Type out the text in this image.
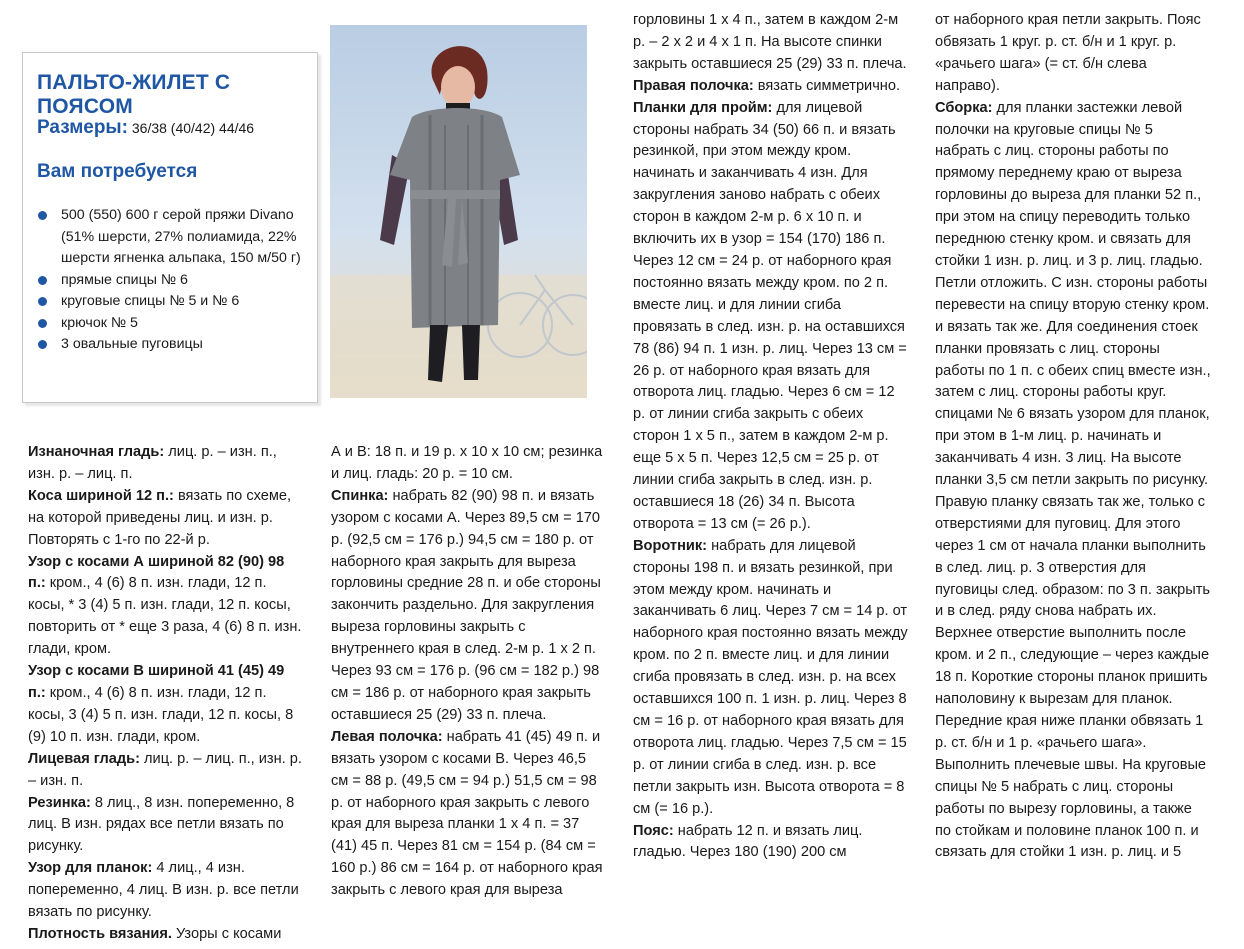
ПАЛЬТО-ЖИЛЕТ С ПОЯСОМ
Размеры: 36/38 (40/42) 44/46
Вам потребуется
500 (550) 600 г серой пряжи Divano (51% шерсти, 27% полиамида, 22% шерсти ягненка альпака, 150 м/50 г)
прямые спицы № 6
круговые спицы № 5 и № 6
крючок № 5
3 овальные пуговицы

Изнаночная гладь: лиц. р. – изн. п., изн. р. – лиц. п.

Коса шириной 12 п.: вязать по схеме, на которой приведены лиц. и изн. р. Повторять с 1-го по 22-й р.

Узор с косами А шириной 82 (90) 98 п.: кром., 4 (6) 8 п. изн. глади, 12 п. косы, * 3 (4) 5 п. изн. глади, 12 п. косы, повторить от * еще 3 раза, 4 (6) 8 п. изн. глади, кром.

Узор с косами В шириной 41 (45) 49 п.: кром., 4 (6) 8 п. изн. глади, 12 п. косы, 3 (4) 5 п. изн. глади, 12 п. косы, 8 (9) 10 п. изн. глади, кром.

Лицевая гладь: лиц. р. – лиц. п., изн. р. – изн. п.

Резинка: 8 лиц., 8 изн. попеременно, 8 лиц. В изн. рядах все петли вязать по рисунку.

Узор для планок: 4 лиц., 4 изн. попеременно, 4 лиц. В изн. р. все петли вязать по рисунку.

Плотность вязания. Узоры с косами

А и В: 18 п. и 19 р. х 10 х 10 см; резинка и лиц. гладь: 20 р. = 10 см.

Спинка: набрать 82 (90) 98 п. и вязать узором с косами А. Через 89,5 см = 170 р. (92,5 см = 176 р.) 94,5 см = 180 р. от наборного края закрыть для выреза горловины средние 28 п. и обе стороны закончить раздельно. Для закругления выреза горловины закрыть с внутреннего края в след. 2-м р. 1 х 2 п. Через 93 см = 176 р. (96 см = 182 р.) 98 см = 186 р. от наборного края закрыть оставшиеся 25 (29) 33 п. плеча.

Левая полочка: набрать 41 (45) 49 п. и вязать узором с косами В. Через 46,5 см = 88 р. (49,5 см = 94 р.) 51,5 см = 98 р. от наборного края закрыть с левого края для выреза планки 1 х 4 п. = 37 (41) 45 п. Через 81 см = 154 р. (84 см = 160 р.) 86 см = 164 р. от наборного края закрыть с левого края для выреза

горловины 1 х 4 п., затем в каждом 2-м р. – 2 х 2 и 4 х 1 п. На высоте спинки закрыть оставшиеся 25 (29) 33 п. плеча.

Правая полочка: вязать симметрично.

Планки для пройм: для лицевой стороны набрать 34 (50) 66 п. и вязать резинкой, при этом между кром. начинать и заканчивать 4 изн. Для закругления заново набрать с обеих сторон в каждом 2-м р. 6 х 10 п. и включить их в узор = 154 (170) 186 п. Через 12 см = 24 р. от наборного края постоянно вязать между кром. по 2 п. вместе лиц. и для линии сгиба провязать в след. изн. р. на оставшихся 78 (86) 94 п. 1 изн. р. лиц. Через 13 см = 26 р. от наборного края вязать для отворота лиц. гладью. Через 6 см = 12 р. от линии сгиба закрыть с обеих сторон 1 х 5 п., затем в каждом 2-м р. еще 5 х 5 п. Через 12,5 см = 25 р. от линии сгиба закрыть в след. изн. р. оставшиеся 18 (26) 34 п. Высота отворота = 13 см (= 26 р.).

Воротник: набрать для лицевой стороны 198 п. и вязать резинкой, при этом между кром. начинать и заканчивать 6 лиц. Через 7 см = 14 р. от наборного края постоянно вязать между кром. по 2 п. вместе лиц. и для линии сгиба провязать в след. изн. р. на всех оставшихся 100 п. 1 изн. р. лиц. Через 8 см = 16 р. от наборного края вязать для отворота лиц. гладью. Через 7,5 см = 15 р. от линии сгиба в след. изн. р. все петли закрыть изн. Высота отворота = 8 см (= 16 р.).

Пояс: набрать 12 п. и вязать лиц. гладью. Через 180 (190) 200 см

от наборного края петли закрыть. Пояс обвязать 1 круг. р. ст. б/н и 1 круг. р. «рачьего шага» (= ст. б/н слева направо).

Сборка: для планки застежки левой полочки на круговые спицы № 5 набрать с лиц. стороны работы по прямому переднему краю от выреза горловины до выреза для планки 52 п., при этом на спицу переводить только переднюю стенку кром. и связать для стойки 1 изн. р. лиц. и 3 р. лиц. гладью. Петли отложить. С изн. стороны работы перевести на спицу вторую стенку кром. и вязать так же. Для соединения стоек планки провязать с лиц. стороны работы по 1 п. с обеих спиц вместе изн., затем с лиц. стороны работы круг. спицами № 6 вязать узором для планок, при этом в 1-м лиц. р. начинать и заканчивать 4 изн. 3 лиц. На высоте планки 3,5 см петли закрыть по рисунку. Правую планку связать так же, только с отверстиями для пуговиц. Для этого через 1 см от начала планки выполнить в след. лиц. р. 3 отверстия для пуговицы след. образом: по 3 п. закрыть и в след. ряду снова набрать их. Верхнее отверстие выполнить после кром. и 2 п., следующие – через каждые 18 п. Короткие стороны планок пришить наполовину к вырезам для планок. Передние края ниже планки обвязать 1 р. ст. б/н и 1 р. «рачьего шага». Выполнить плечевые швы. На круговые спицы № 5 набрать с лиц. стороны работы по вырезу горловины, а также по стойкам и половине планок 100 п. и связать для стойки 1 изн. р. лиц. и 5
